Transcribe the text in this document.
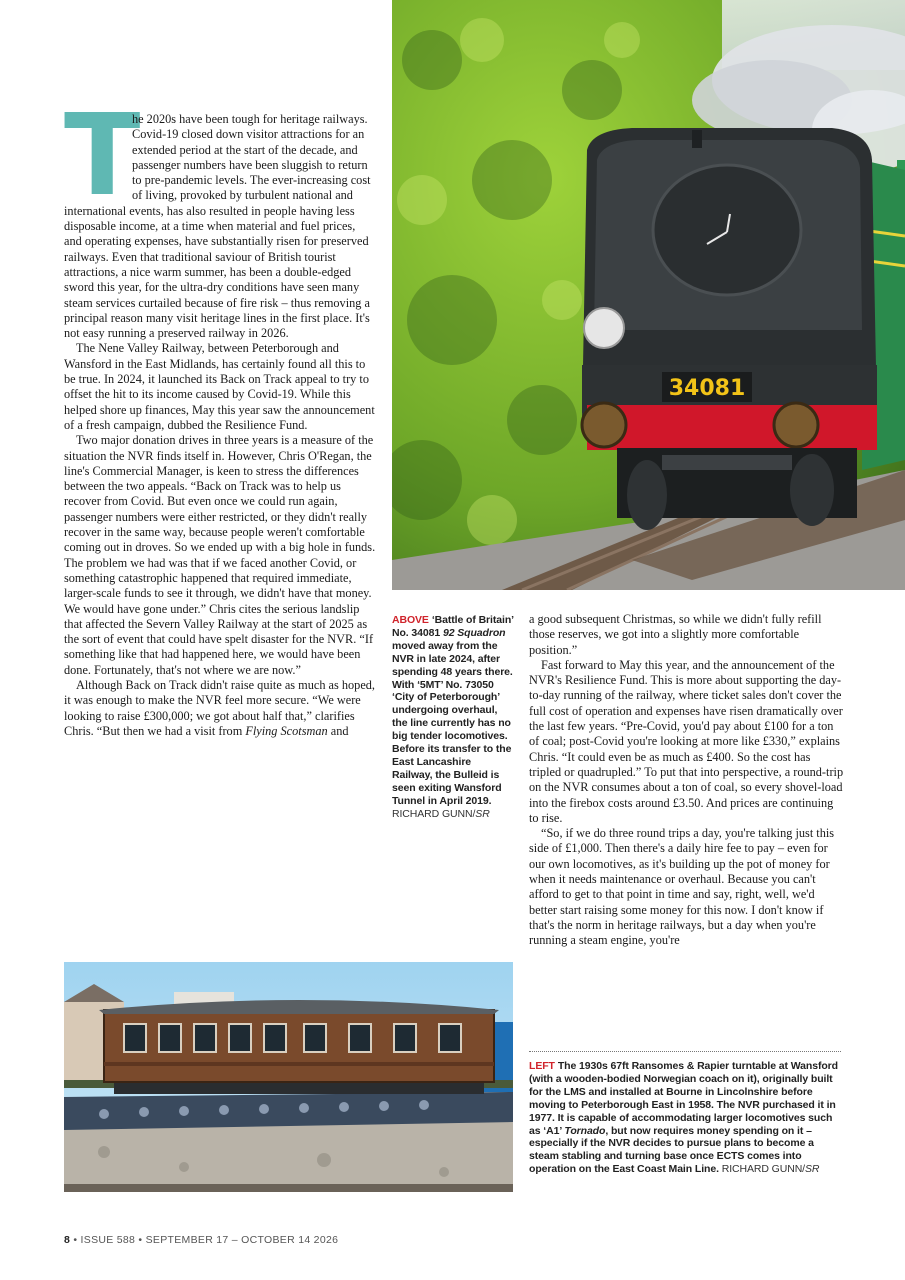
34081
T

he 2020s have been tough for heritage railways. Covid-19 closed down visitor attractions for an extended period at the start of the decade, and passenger numbers have been sluggish to return to pre-pandemic levels. The ever-increasing cost of living, provoked by turbulent national and international events, has also resulted in people having less disposable income, at a time when material and fuel prices, and operating expenses, have substantially risen for preserved railways. Even that traditional saviour of British tourist attractions, a nice warm summer, has been a double-edged sword this year, for the ultra-dry conditions have seen many steam services curtailed because of fire risk – thus removing a principal reason many visit heritage lines in the first place. It's not easy running a preserved railway in 2026.

The Nene Valley Railway, between Peterborough and Wansford in the East Midlands, has certainly found all this to be true. In 2024, it launched its Back on Track appeal to try to offset the hit to its income caused by Covid-19. While this helped shore up finances, May this year saw the announcement of a fresh campaign, dubbed the Resilience Fund.

Two major donation drives in three years is a measure of the situation the NVR finds itself in. However, Chris O'Regan, the line's Commercial Manager, is keen to stress the differences between the two appeals. “Back on Track was to help us recover from Covid. But even once we could run again, passenger numbers were either restricted, or they didn't really recover in the same way, because people weren't comfortable coming out in droves. So we ended up with a big hole in funds. The problem we had was that if we faced another Covid, or something catastrophic happened that required immediate, larger-scale funds to see it through, we didn't have that money. We would have gone under.” Chris cites the serious landslip that affected the Severn Valley Railway at the start of 2025 as the sort of event that could have spelt disaster for the NVR. “If something like that had happened here, we would have been done. Fortunately, that's not where we are now.”

Although Back on Track didn't raise quite as much as hoped, it was enough to make the NVR feel more secure. “We were looking to raise £300,000; we got about half that,” clarifies Chris. “But then we had a visit from Flying Scotsman and

ABOVE ‘Battle of Britain’ No. 34081 92 Squadron moved away from the NVR in late 2024, after spending 48 years there. With ‘5MT’ No. 73050 ‘City of Peterborough’ undergoing overhaul, the line currently has no big tender locomotives. Before its transfer to the East Lancashire Railway, the Bulleid is seen exiting Wansford Tunnel in April 2019. RICHARD GUNN/SR

a good subsequent Christmas, so while we didn't fully refill those reserves, we got into a slightly more comfortable position.”

Fast forward to May this year, and the announcement of the NVR's Resilience Fund. This is more about supporting the day-to-day running of the railway, where ticket sales don't cover the full cost of operation and expenses have risen dramatically over the last few years. “Pre-Covid, you'd pay about £100 for a ton of coal; post-Covid you're looking at more like £330,” explains Chris. “It could even be as much as £400. So the cost has tripled or quadrupled.” To put that into perspective, a round-trip on the NVR consumes about a ton of coal, so every shovel-load into the firebox costs around £3.50. And prices are continuing to rise.

“So, if we do three round trips a day, you're talking just this side of £1,000. Then there's a daily hire fee to pay – even for our own locomotives, as it's building up the pot of money for when it needs maintenance or overhaul. Because you can't afford to get to that point in time and say, right, well, we'd better start raising some money for this now. I don't know if that's the norm in heritage railways, but a day when you're running a steam engine, you're

LEFT The 1930s 67ft Ransomes & Rapier turntable at Wansford (with a wooden-bodied Norwegian coach on it), originally built for the LMS and installed at Bourne in Lincolnshire before moving to Peterborough East in 1958. The NVR purchased it in 1977. It is capable of accommodating larger locomotives such as ‘A1’ Tornado, but now requires money spending on it – especially if the NVR decides to pursue plans to become a steam stabling and turning base once ECTS comes into operation on the East Coast Main Line. RICHARD GUNN/SR
8 • ISSUE 588 • SEPTEMBER 17 – OCTOBER 14 2026
